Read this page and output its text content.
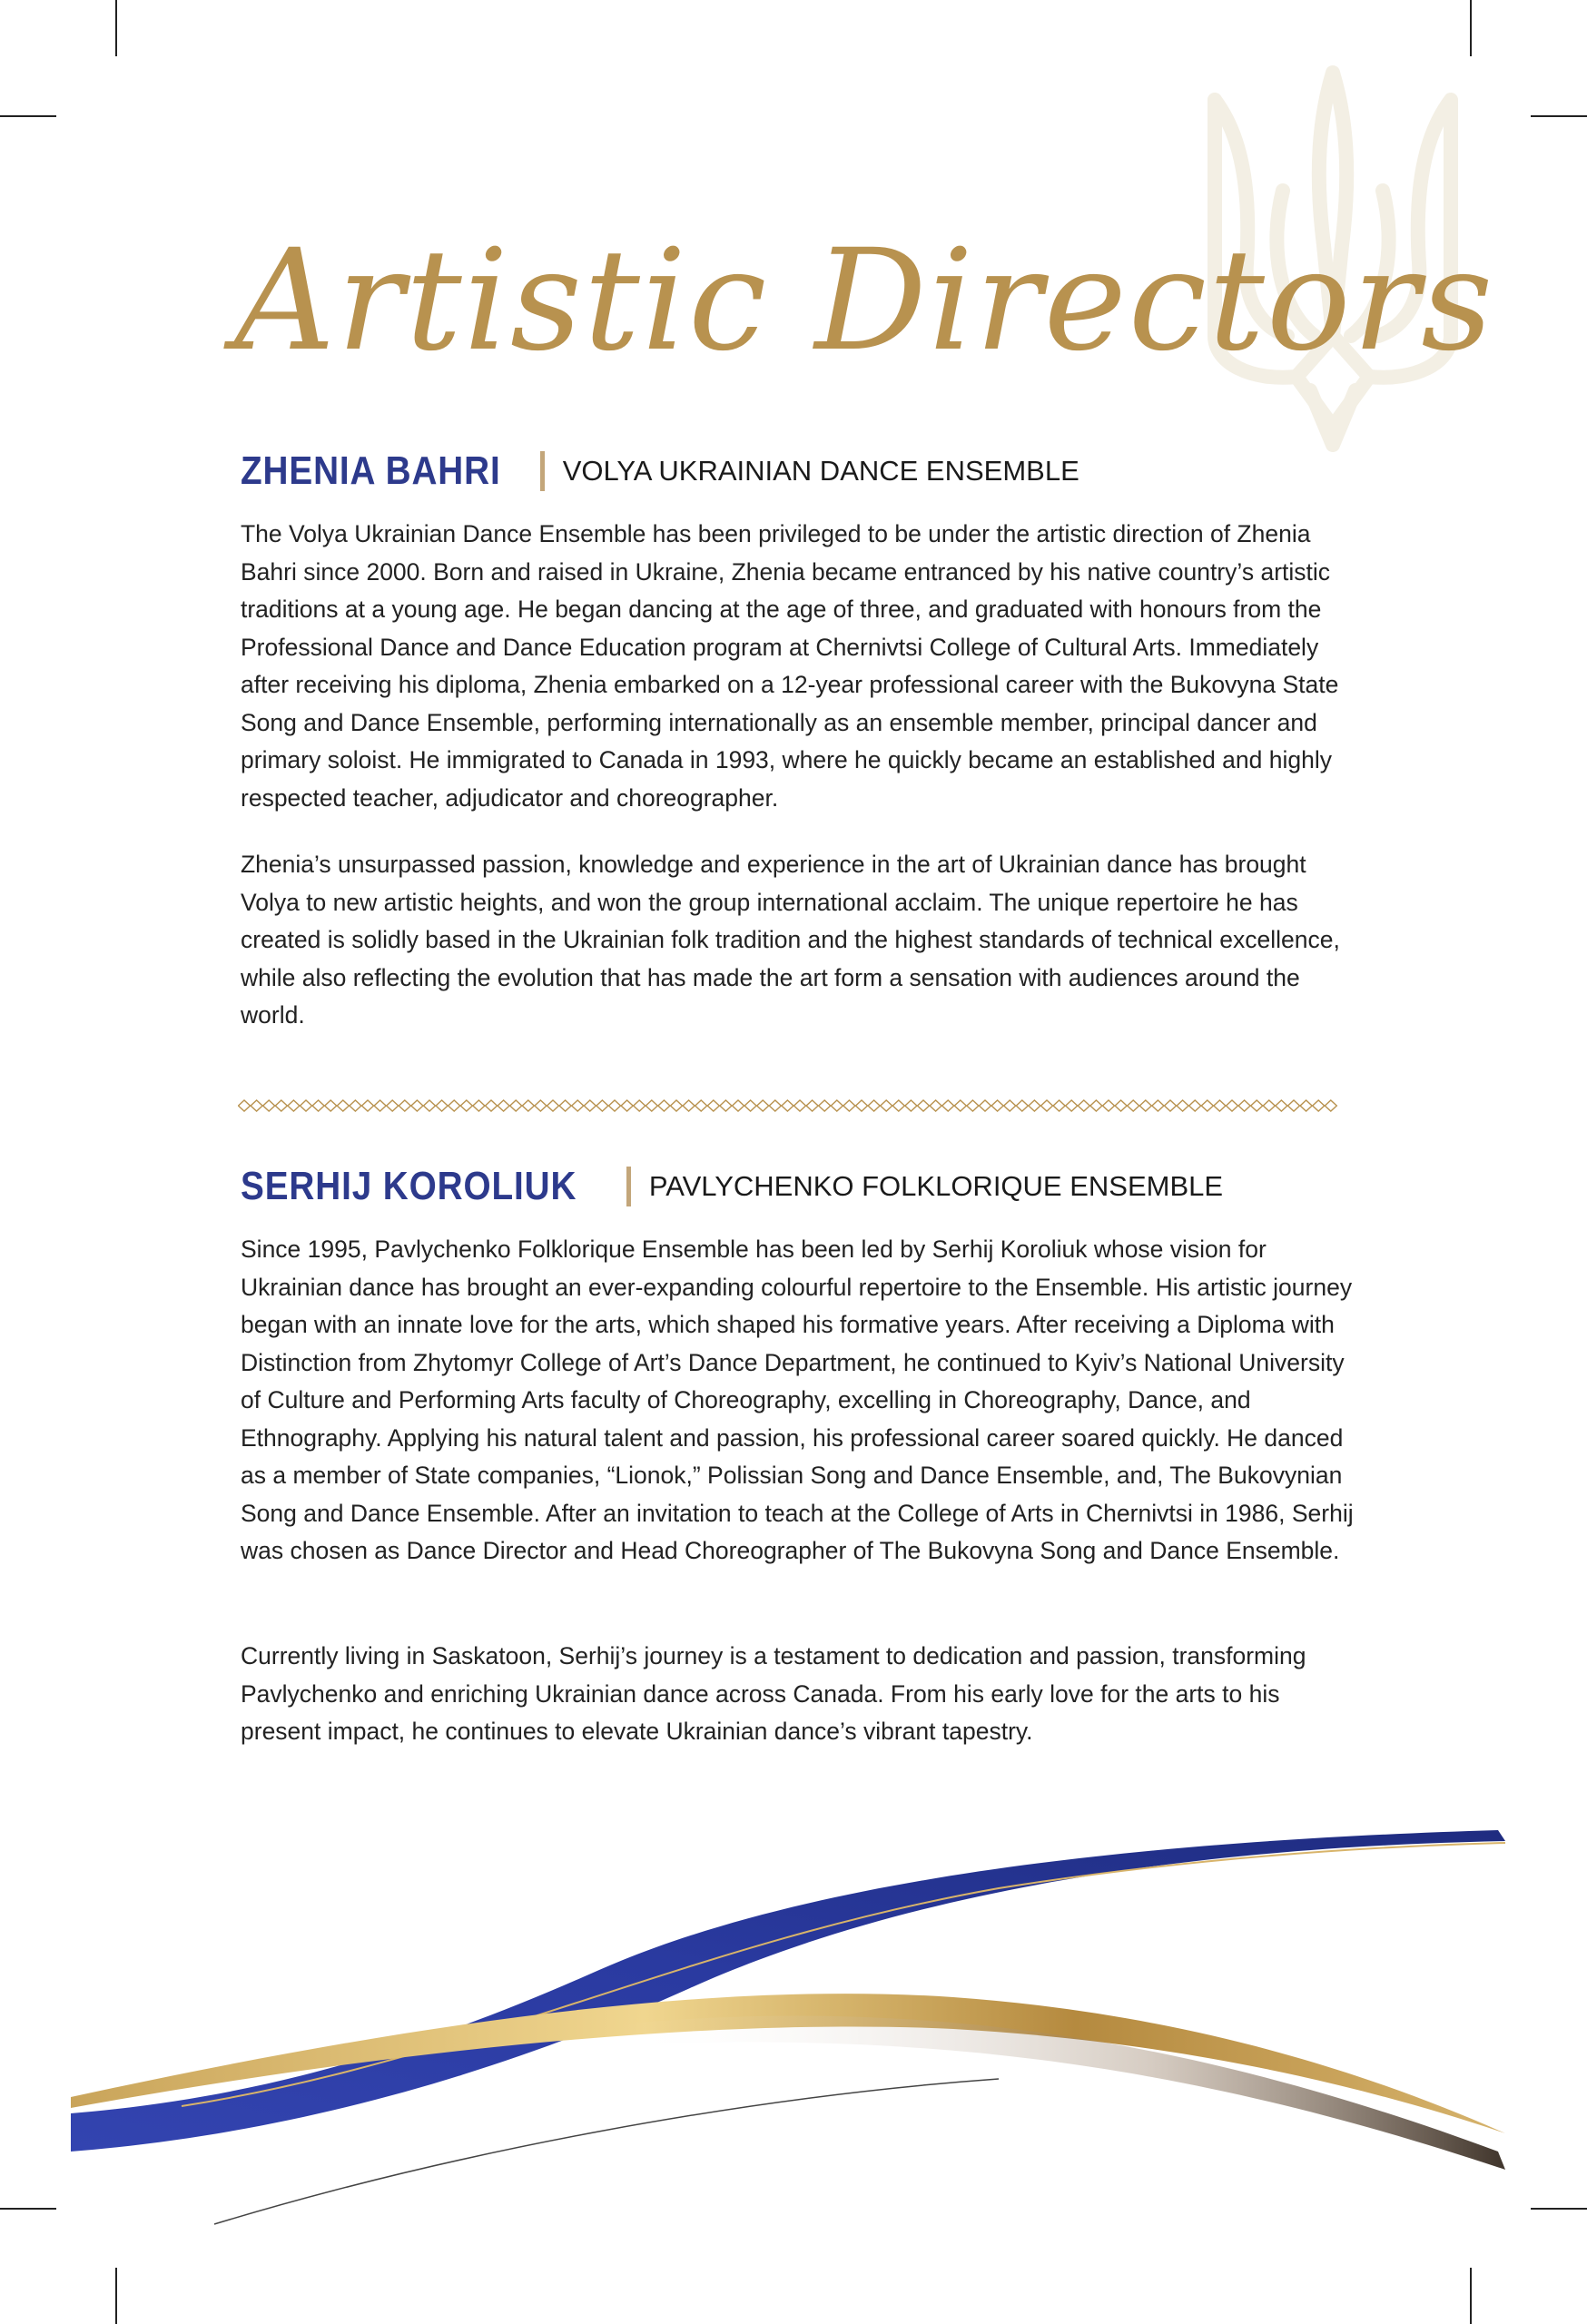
Artistic Directors
ZHENIA BAHRI VOLYA UKRAINIAN DANCE ENSEMBLE

The Volya Ukrainian Dance Ensemble has been privileged to be under the artistic direction of Zhenia Bahri since 2000. Born and raised in Ukraine, Zhenia became entranced by his native country’s artistic traditions at a young age. He began dancing at the age of three, and graduated with honours from the Professional Dance and Dance Education program at Chernivtsi College of Cultural Arts. Immediately after receiving his diploma, Zhenia embarked on a 12-year professional career with the Bukovyna State Song and Dance Ensemble, performing internationally as an ensemble member, principal dancer and primary soloist. He immigrated to Canada in 1993, where he quickly became an established and highly respected teacher, adjudicator and choreographer.

Zhenia’s unsurpassed passion, knowledge and experience in the art of Ukrainian dance has brought Volya to new artistic heights, and won the group international acclaim. The unique repertoire he has created is solidly based in the Ukrainian folk tradition and the highest standards of technical excellence, while also reflecting the evolution that has made the art form a sensation with audiences around the world.

SERHIJ KOROLIUK	PAVLYCHENKO FOLKLORIQUE ENSEMBLE

Since 1995, Pavlychenko Folklorique Ensemble has been led by Serhij Koroliuk whose vision for Ukrainian dance has brought an ever-expanding colourful repertoire to the Ensemble. His artistic journey began with an innate love for the arts, which shaped his formative years. After receiving a Diploma with Distinction from Zhytomyr College of Art’s Dance Department, he continued to Kyiv’s National University of Culture and Performing Arts faculty of Choreography, excelling in Choreography, Dance, and Ethnography. Applying his natural talent and passion, his professional career soared quickly. He danced as a member of State companies, “Lionok,” Polissian Song and Dance Ensemble, and, The Bukovynian Song and Dance Ensemble. After an invitation to teach at the College of Arts in Chernivtsi in 1986, Serhij was chosen as Dance Director and Head Choreographer of The Bukovyna Song and Dance Ensemble.

Currently living in Saskatoon, Serhij’s journey is a testament to dedication and passion, transforming Pavlychenko and enriching Ukrainian dance across Canada. From his early love for the arts to his present impact, he continues to elevate Ukrainian dance’s vibrant tapestry.
